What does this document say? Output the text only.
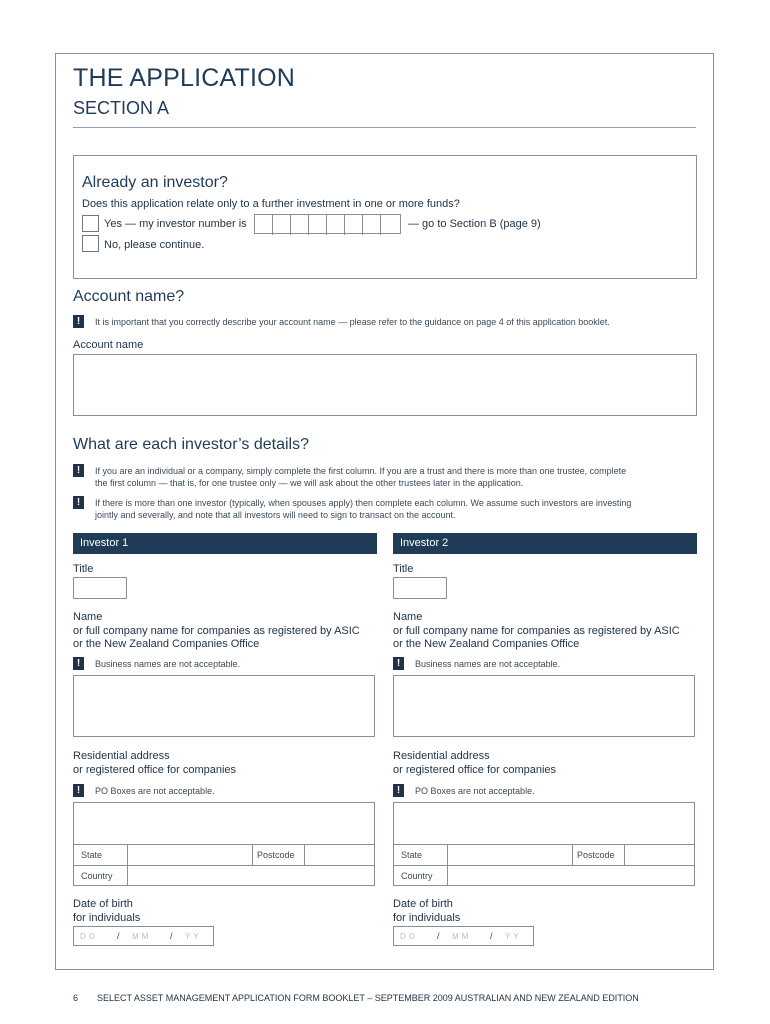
THE APPLICATION
SECTION A
Already an investor?
Does this application relate only to a further investment in one or more funds?
Yes — my investor number is	— go to Section B (page 9)
No, please continue.
Account name?
!	It is important that you correctly describe your account name — please refer to the guidance on page 4 of this application booklet.
Account name
What are each investor’s details?
!	If you are an individual or a company, simply complete the first column. If you are a trust and there is more than one trustee, complete
the first column — that is, for one trustee only — we will ask about the other trustees later in the application.
!	If there is more than one investor (typically, when spouses apply) then complete each column. We assume such investors are investing
jointly and severally, and note that all investors will need to sign to transact on the account.
Investor 1
Title
Name
or full company name for companies as registered by ASIC
or the New Zealand Companies Office
!	Business names are not acceptable.
Residential address
or registered office for companies
!	PO Boxes are not acceptable.
State	Postcode
Country
Date of birth
for individuals
D D / M M / Y Y
Investor 2
Title
Name
or full company name for companies as registered by ASIC
or the New Zealand Companies Office
!	Business names are not acceptable.
Residential address
or registered office for companies
!	PO Boxes are not acceptable.
State	Postcode
Country
Date of birth
for individuals
D D / M M / Y Y
6 SELECT ASSET MANAGEMENT APPLICATION FORM BOOKLET – SEPTEMBER 2009 AUSTRALIAN AND NEW ZEALAND EDITION
